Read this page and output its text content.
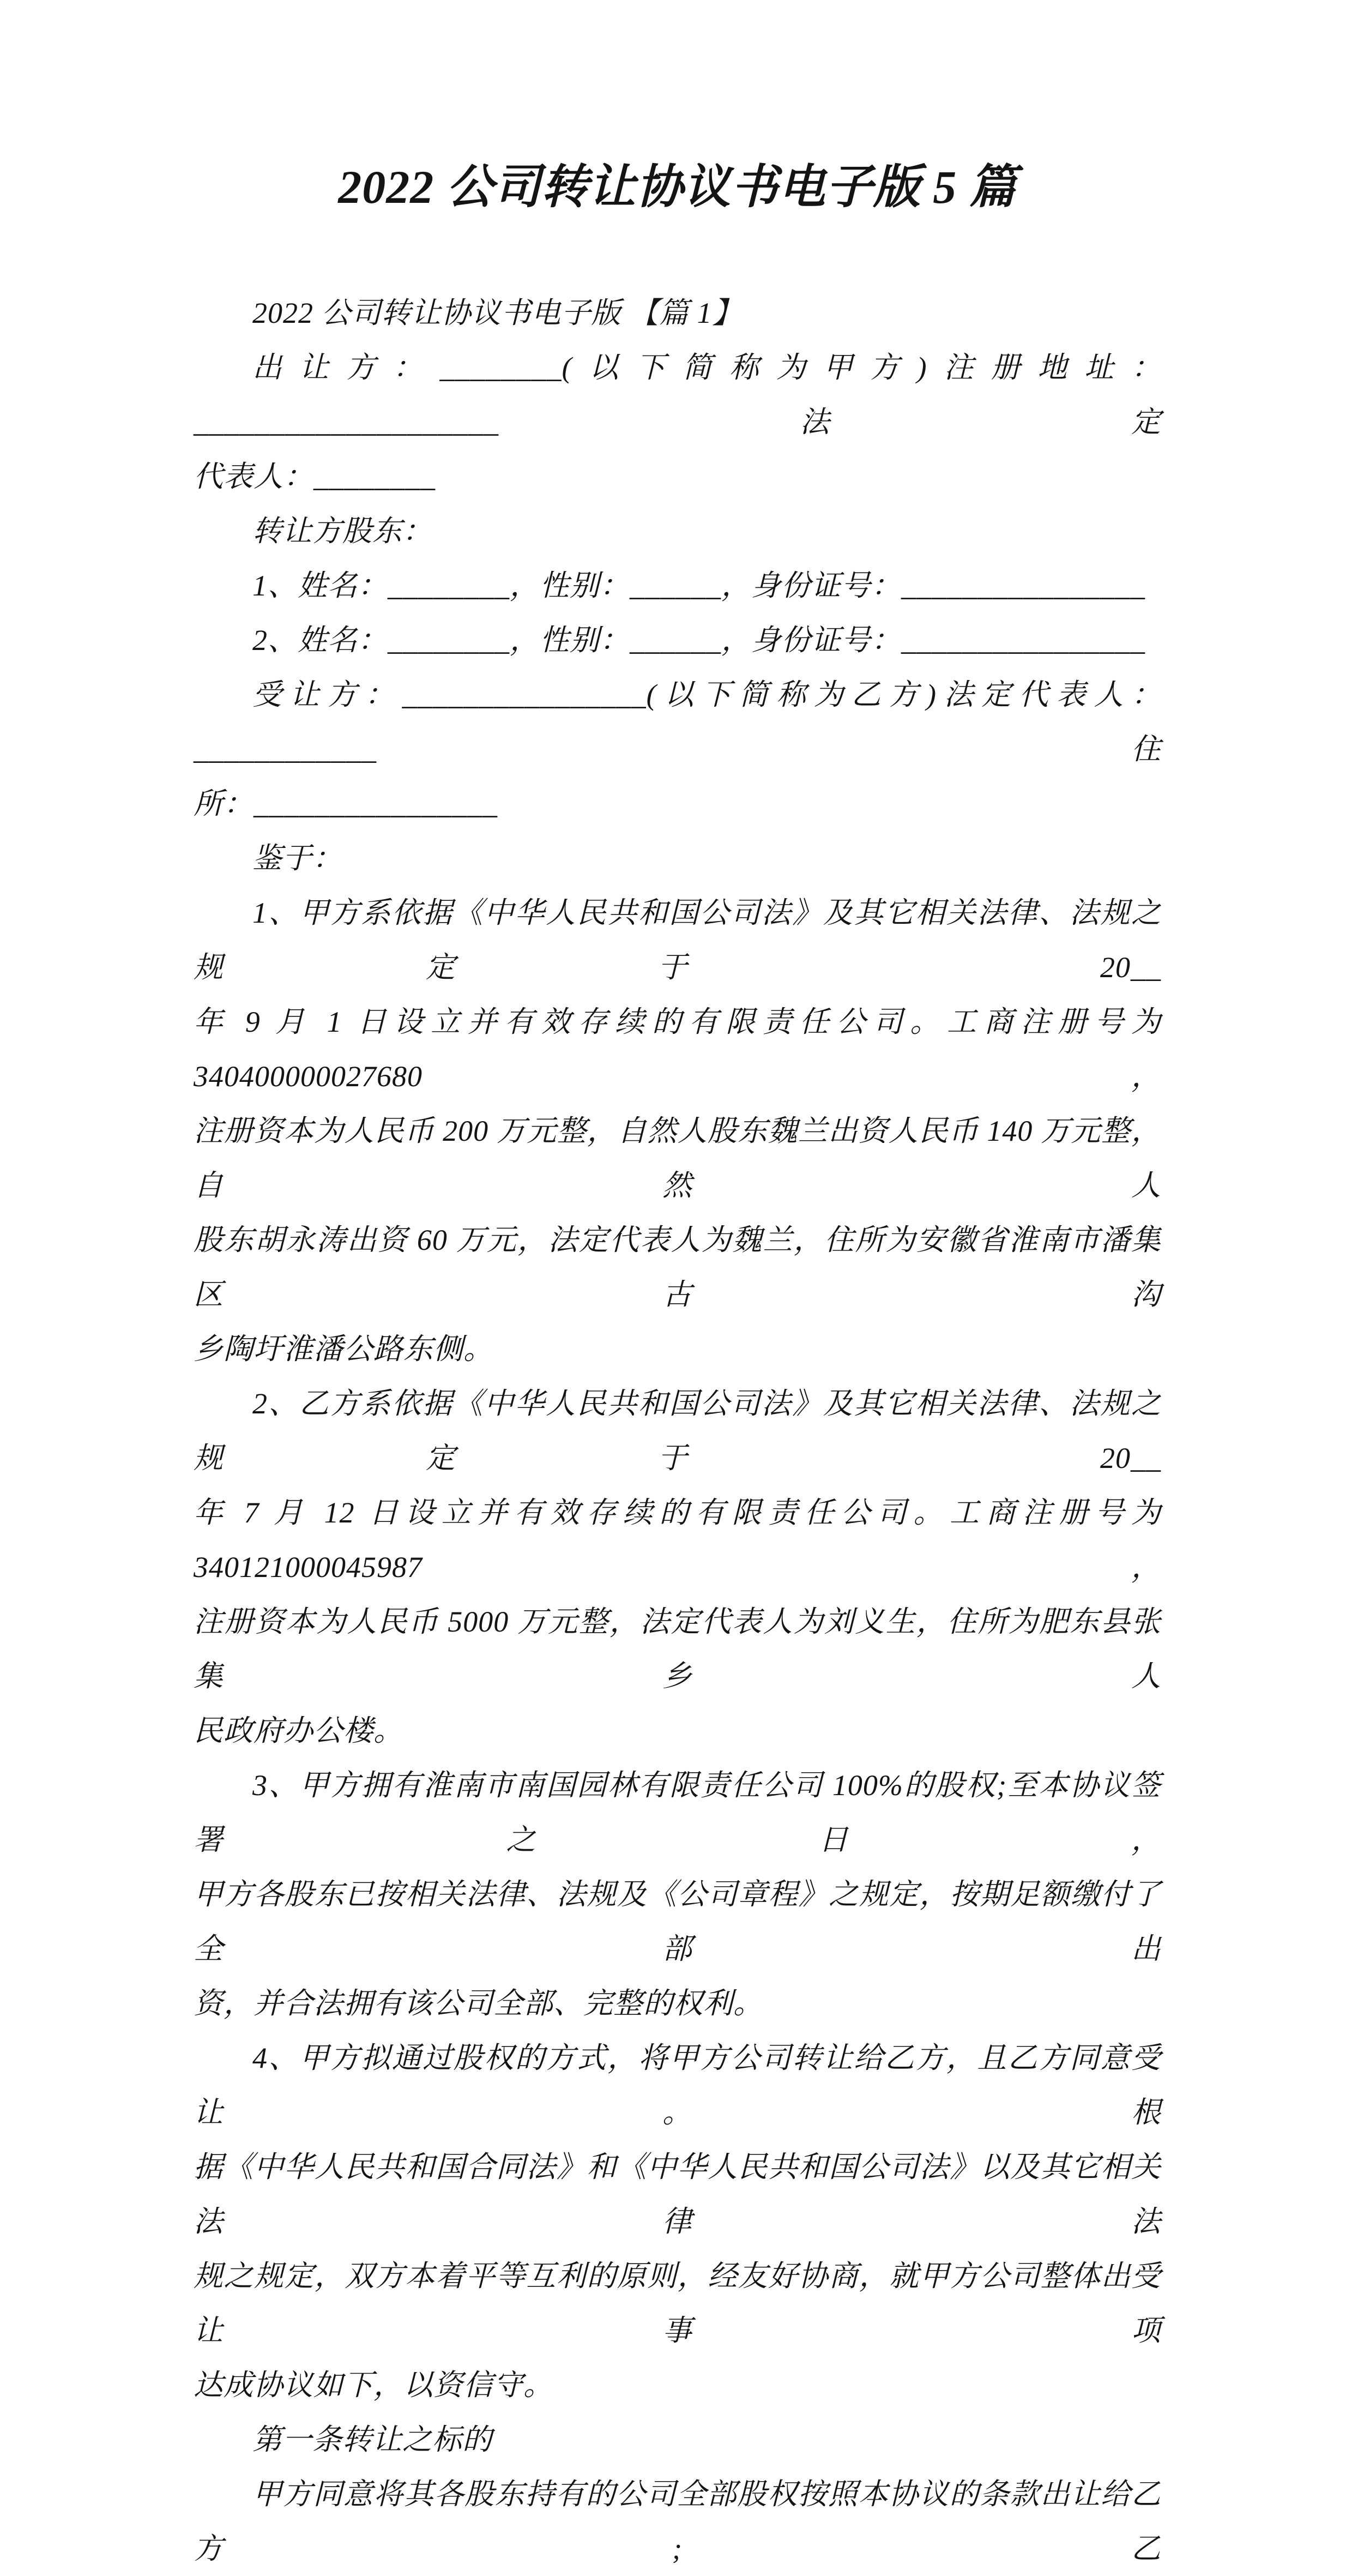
2022 公司转让协议书电子版 5 篇
2022 公司转让协议书电子版 【篇 1】
出让方：________(以下简称为甲方)注册地址：____________________法定
代表人：________
转让方股东：
1、姓名：________，性别：______，身份证号：________________
2、姓名：________，性别：______，身份证号：________________
受让方：________________(以下简称为乙方)法定代表人：____________住
所：________________
鉴于：
1、甲方系依据《中华人民共和国公司法》及其它相关法律、法规之规定于 20__
年 9 月 1 日设立并有效存续的有限责任公司。工商注册号为 340400000027680，
注册资本为人民币 200 万元整，自然人股东魏兰出资人民币 140 万元整，自然人
股东胡永涛出资 60 万元，法定代表人为魏兰，住所为安徽省淮南市潘集区古沟
乡陶圩淮潘公路东侧。
2、乙方系依据《中华人民共和国公司法》及其它相关法律、法规之规定于 20__
年 7 月 12 日设立并有效存续的有限责任公司。工商注册号为 340121000045987，
注册资本为人民币 5000 万元整，法定代表人为刘义生，住所为肥东县张集乡人
民政府办公楼。
3、甲方拥有淮南市南国园林有限责任公司 100%的股权;至本协议签署之日，
甲方各股东已按相关法律、法规及《公司章程》之规定，按期足额缴付了全部出
资，并合法拥有该公司全部、完整的权利。
4、甲方拟通过股权的方式，将甲方公司转让给乙方，且乙方同意受让。根
据《中华人民共和国合同法》和《中华人民共和国公司法》以及其它相关法律法
规之规定，双方本着平等互利的原则，经友好协商，就甲方公司整体出受让事项
达成协议如下，以资信守。
第一条转让之标的
甲方同意将其各股东持有的公司全部股权按照本协议的条款出让给乙方;乙
